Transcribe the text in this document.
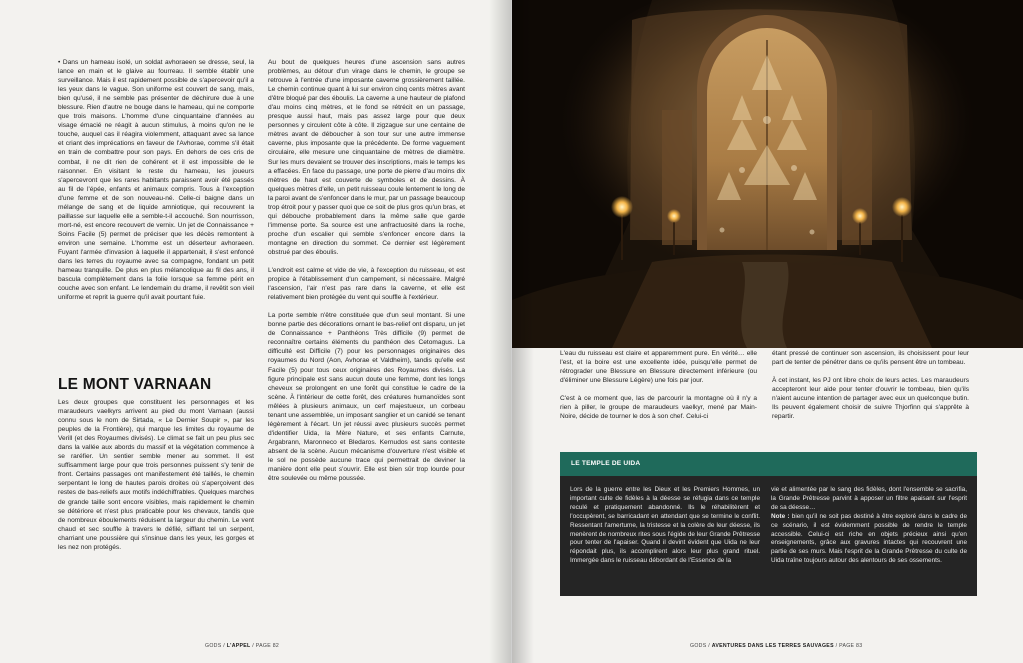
• Dans un hameau isolé, un soldat avhoraeen se dresse, seul, la lance en main et le glaive au fourreau. Il semble établir une surveillance. Mais il est rapidement possible de s'apercevoir qu'il a les yeux dans le vague. Son uniforme est couvert de sang, mais, bien qu'usé, il ne semble pas présenter de déchirure due à une blessure. Rien d'autre ne bouge dans le hameau, qui ne comporte que trois maisons. L'homme d'une cinquantaine d'années au visage émacié ne réagit à aucun stimulus, à moins qu'on ne le touche, auquel cas il réagira violemment, attaquant avec sa lance et criant des imprécations en faveur de l'Avhorae, comme s'il était en train de combattre pour son pays. En dehors de ces cris de combat, il ne dit rien de cohérent et il est impossible de le raisonner. En visitant le reste du hameau, les joueurs s'apercevront que les rares habitants paraissent avoir été passés au fil de l'épée, enfants et animaux compris. Tous à l'exception d'une femme et de son nouveau-né. Celle-ci baigne dans un mélange de sang et de liquide amniotique, qui recouvrent la paillasse sur laquelle elle a semble-t-il accouché. Son nourrisson, mort-né, est encore recouvert de vernix. Un jet de Connaissance + Soins Facile (5) permet de préciser que les décès remontent à environ une semaine. L'homme est un déserteur avhoraeen. Fuyant l'armée d'invasion à laquelle il appartenait, il s'est enfoncé dans les terres du royaume avec sa compagne, fondant un petit hameau tranquille. De plus en plus mélancolique au fil des ans, il bascula complètement dans la folie lorsque sa femme périt en couche avec son enfant. Le lendemain du drame, il revêtit son vieil uniforme et reprit la guerre qu'il avait pourtant fuie.

LE MONT VARNAAN

Les deux groupes que constituent les personnages et les maraudeurs vaelkyrs arrivent au pied du mont Varnaan (aussi connu sous le nom de Sirtada, « Le Dernier Soupir », par les peuples de la Frontière), qui marque les limites du royaume de Verill (et des Royaumes divisés). Le climat se fait un peu plus sec dans la vallée aux abords du massif et la végétation commence à se raréfier. Un sentier semble mener au sommet. Il est suffisamment large pour que trois personnes puissent s'y tenir de front. Certains passages ont manifestement été taillés, le chemin serpentant le long de hautes parois droites où s'aperçoivent des restes de bas-reliefs aux motifs indéchiffrables. Quelques marches de grande taille sont encore visibles, mais rapidement le chemin se détériore et n'est plus praticable pour les chevaux, tandis que de nombreux éboulements réduisent la largeur du chemin. Le vent chaud et sec souffle à travers le défilé, sifflant tel un serpent, charriant une poussière qui s'insinue dans les yeux, les gorges et les nez non protégés.

Au bout de quelques heures d'une ascension sans autres problèmes, au détour d'un virage dans le chemin, le groupe se retrouve à l'entrée d'une imposante caverne grossièrement taillée. Le chemin continue quant à lui sur environ cinq cents mètres avant d'être bloqué par des éboulis. La caverne a une hauteur de plafond d'au moins cinq mètres, et le fond se rétrécit en un passage, presque aussi haut, mais pas assez large pour que deux personnes y circulent côte à côte. Il zigzague sur une centaine de mètres avant de déboucher à son tour sur une autre immense caverne, plus imposante que la précédente. De forme vaguement circulaire, elle mesure une cinquantaine de mètres de diamètre. Sur les murs devaient se trouver des inscriptions, mais le temps les a effacées. En face du passage, une porte de pierre d'au moins dix mètres de haut est couverte de symboles et de dessins. À quelques mètres d'elle, un petit ruisseau coule lentement le long de la paroi avant de s'enfoncer dans le mur, par un passage beaucoup trop étroit pour y passer quoi que ce soit de plus gros qu'un bras, et qui débouche probablement dans la même salle que garde l'immense porte. Sa source est une anfractuosité dans la roche, proche d'un escalier qui semble s'enfoncer encore dans la montagne en direction du sommet. Ce dernier est légèrement obstrué par des éboulis.

L'endroit est calme et vide de vie, à l'exception du ruisseau, et est propice à l'établissement d'un campement, si nécessaire. Malgré l'ascension, l'air n'est pas rare dans la caverne, et elle est relativement bien protégée du vent qui souffle à l'extérieur.

La porte semble n'être constituée que d'un seul montant. Si une bonne partie des décorations ornant le bas-relief ont disparu, un jet de Connaissance + Panthéons Très difficile (9) permet de reconnaître certains éléments du panthéon des Cetomagus. La difficulté est Difficile (7) pour les personnages originaires des royaumes du Nord (Aon, Avhorae et Valdheim), tandis qu'elle est Facile (5) pour tous ceux originaires des Royaumes divisés. La figure principale est sans aucun doute une femme, dont les longs cheveux se prolongent en une forêt qui constitue le cadre de la scène. À l'intérieur de cette forêt, des créatures humanoïdes sont mêlées à plusieurs animaux, un cerf majestueux, un corbeau tenant une assemblée, un imposant sanglier et un canidé se tenant légèrement à l'écart. Un jet réussi avec plusieurs succès permet d'identifier Uida, la Mère Nature, et ses enfants Carnute, Argabrann, Maronneco et Bledaros. Kernudos est sans conteste absent de la scène. Aucun mécanisme d'ouverture n'est visible et le sol ne possède aucune trace qui permettrait de deviner la manière dont elle peut s'ouvrir. Elle est bien sûr trop lourde pour être soulevée ou même poussée.

GODS / L'APPEL / PAGE 82

L'eau du ruisseau est claire et apparemment pure. En vérité… elle l'est, et la boire est une excellente idée, puisqu'elle permet de rétrograder une Blessure en Blessure directement inférieure (ou d'éliminer une Blessure Légère) une fois par jour.

C'est à ce moment que, las de parcourir la montagne où il n'y a rien à piller, le groupe de maraudeurs vaelkyr, mené par Main-Noire, décide de tourner le dos à son chef. Celui-ci

étant pressé de continuer son ascension, ils choisissent pour leur part de tenter de pénétrer dans ce qu'ils pensent être un tombeau.

À cet instant, les PJ ont libre choix de leurs actes. Les maraudeurs accepteront leur aide pour tenter d'ouvrir le tombeau, bien qu'ils n'aient aucune intention de partager avec eux un quelconque butin. Ils peuvent également choisir de suivre Thjorfinn qui s'apprête à repartir.

LE TEMPLE DE UIDA

Lors de la guerre entre les Dieux et les Premiers Hommes, un important culte de fidèles à la déesse se réfugia dans ce temple reculé et pratiquement abandonné. Ils le réhabilitèrent et l'occupèrent, se barricadant en attendant que se termine le conflit. Ressentant l'amertume, la tristesse et la colère de leur déesse, ils menèrent de nombreux rites sous l'égide de leur Grande Prêtresse pour tenter de l'apaiser. Quand il devint évident que Uida ne leur répondait plus, ils accomplirent alors leur plus grand rituel. Immergée dans le ruisseau débordant de l'Essence de la

vie et alimentée par le sang des fidèles, dont l'ensemble se sacrifia, la Grande Prêtresse parvint à apposer un filtre apaisant sur l'esprit de sa déesse…

Note : bien qu'il ne soit pas destiné à être exploré dans le cadre de ce scénario, il est évidemment possible de rendre le temple accessible. Celui-ci est riche en objets précieux ainsi qu'en enseignements, grâce aux gravures intactes qui recouvrent une partie de ses murs. Mais l'esprit de la Grande Prêtresse du culte de Uida traîne toujours autour des alentours de ses ossements.

GODS / AVENTURES DANS LES TERRES SAUVAGES / PAGE 83
